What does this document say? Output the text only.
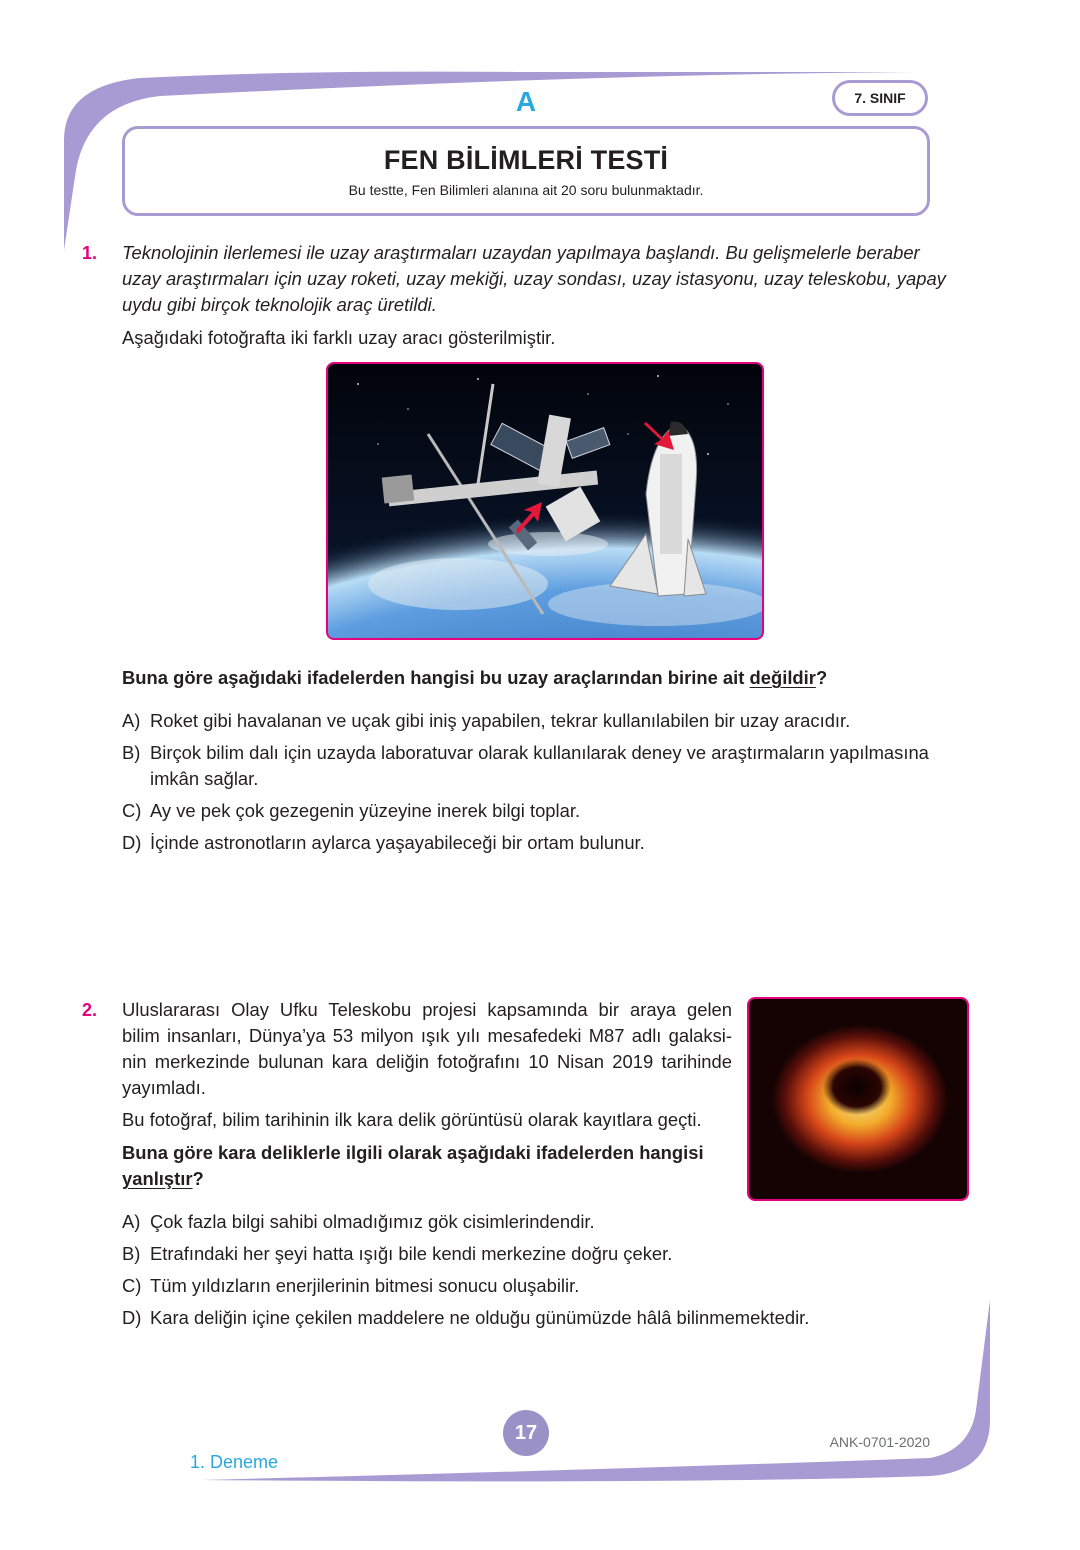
A	7. SINIF
FEN BİLİMLERİ TESTİ
Bu testte, Fen Bilimleri alanına ait 20 soru bulunmaktadır.
1. Teknolojinin ilerlemesi ile uzay araştırmaları uzaydan yapılmaya başlandı. Bu gelişmelerle beraber
uzay araştırmaları için uzay roketi, uzay mekiği, uzay sondası, uzay istasyonu, uzay teleskobu, yapay
uydu gibi birçok teknolojik araç üretildi.
Aşağıdaki fotoğrafta iki farklı uzay aracı gösterilmiştir.
Buna göre aşağıdaki ifadelerden hangisi bu uzay araçlarından birine ait değildir?
A) Roket gibi havalanan ve uçak gibi iniş yapabilen, tekrar kullanılabilen bir uzay aracıdır.
B) Birçok bilim dalı için uzayda laboratuvar olarak kullanılarak deney ve araştırmaların yapılmasına
imkân sağlar.
C) Ay ve pek çok gezegenin yüzeyine inerek bilgi toplar.
D) İçinde astronotların aylarca yaşayabileceği bir ortam bulunur.
2. Uluslararası Olay Ufku Teleskobu projesi kapsamında bir araya gelen
bilim insanları, Dünya’ya 53 milyon ışık yılı mesafedeki M87 adlı galaksi-
nin merkezinde bulunan kara deliğin fotoğrafını 10 Nisan 2019 tarihinde
yayımladı.
Bu fotoğraf, bilim tarihinin ilk kara delik görüntüsü olarak kayıtlara geçti.
Buna göre kara deliklerle ilgili olarak aşağıdaki ifadelerden hangisi
yanlıştır?
A) Çok fazla bilgi sahibi olmadığımız gök cisimlerindendir.
B) Etrafındaki her şeyi hatta ışığı bile kendi merkezine doğru çeker.
C) Tüm yıldızların enerjilerinin bitmesi sonucu oluşabilir.
D) Kara deliğin içine çekilen maddelere ne olduğu günümüzde hâlâ bilinmemektedir.
17	ANK-0701-2020
1. Deneme
